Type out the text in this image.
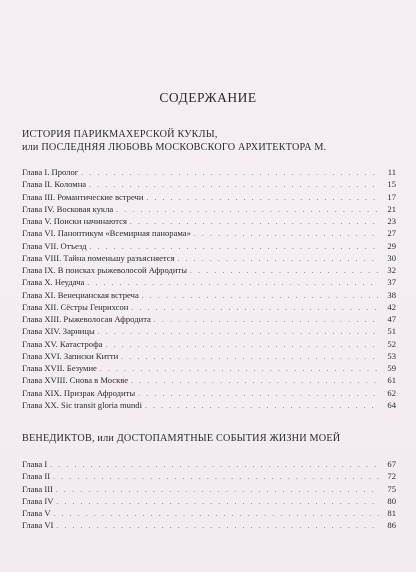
СОДЕРЖАНИЕ
ИСТОРИЯ ПАРИКМАХЕРСКОЙ КУКЛЫ,
или ПОСЛЕДНЯЯ ЛЮБОВЬ МОСКОВСКОГО АРХИТЕКТОРА М.
Глава I. Пролог . . .	11
Глава II. Коломна . . .	15
Глава III. Романтические встречи . . .	17
Глава IV. Восковая кукла . . .	21
Глава V. Поиски начинаются . . .	23
Глава VI. Паноптикум «Всемирная панорама» . . .	27
Глава VII. Отъезд . . .	29
Глава VIII. Тайна поменьшу разъясняется . . .	30
Глава IX. В поисках рыжеволосой Афродиты . . .	32
Глава X. Неудача . . .	37
Глава XI. Венецианская встреча . . .	38
Глава XII. Сёстры Генрихсон . . .	42
Глава XIII. Рыжеволосая Афродита . . .	47
Глава XIV. Зарницы . . .	51
Глава XV. Катастрофа . . .	52
Глава XVI. Записки Китти . . .	53
Глава XVII. Безумие . . .	59
Глава XVIII. Снова в Москве . . .	61
Глава XIX. Призрак Афродиты . . .	62
Глава XX. Sic transit gloria mundi . . .	64
ВЕНЕДИКТОВ, или ДОСТОПАМЯТНЫЕ СОБЫТИЯ ЖИЗНИ МОЕЙ
Глава I . . .	67
Глава II . . .	72
Глава III . . .	75
Глава IV . . .	80
Глава V . . .	81
Глава VI . . .	86
